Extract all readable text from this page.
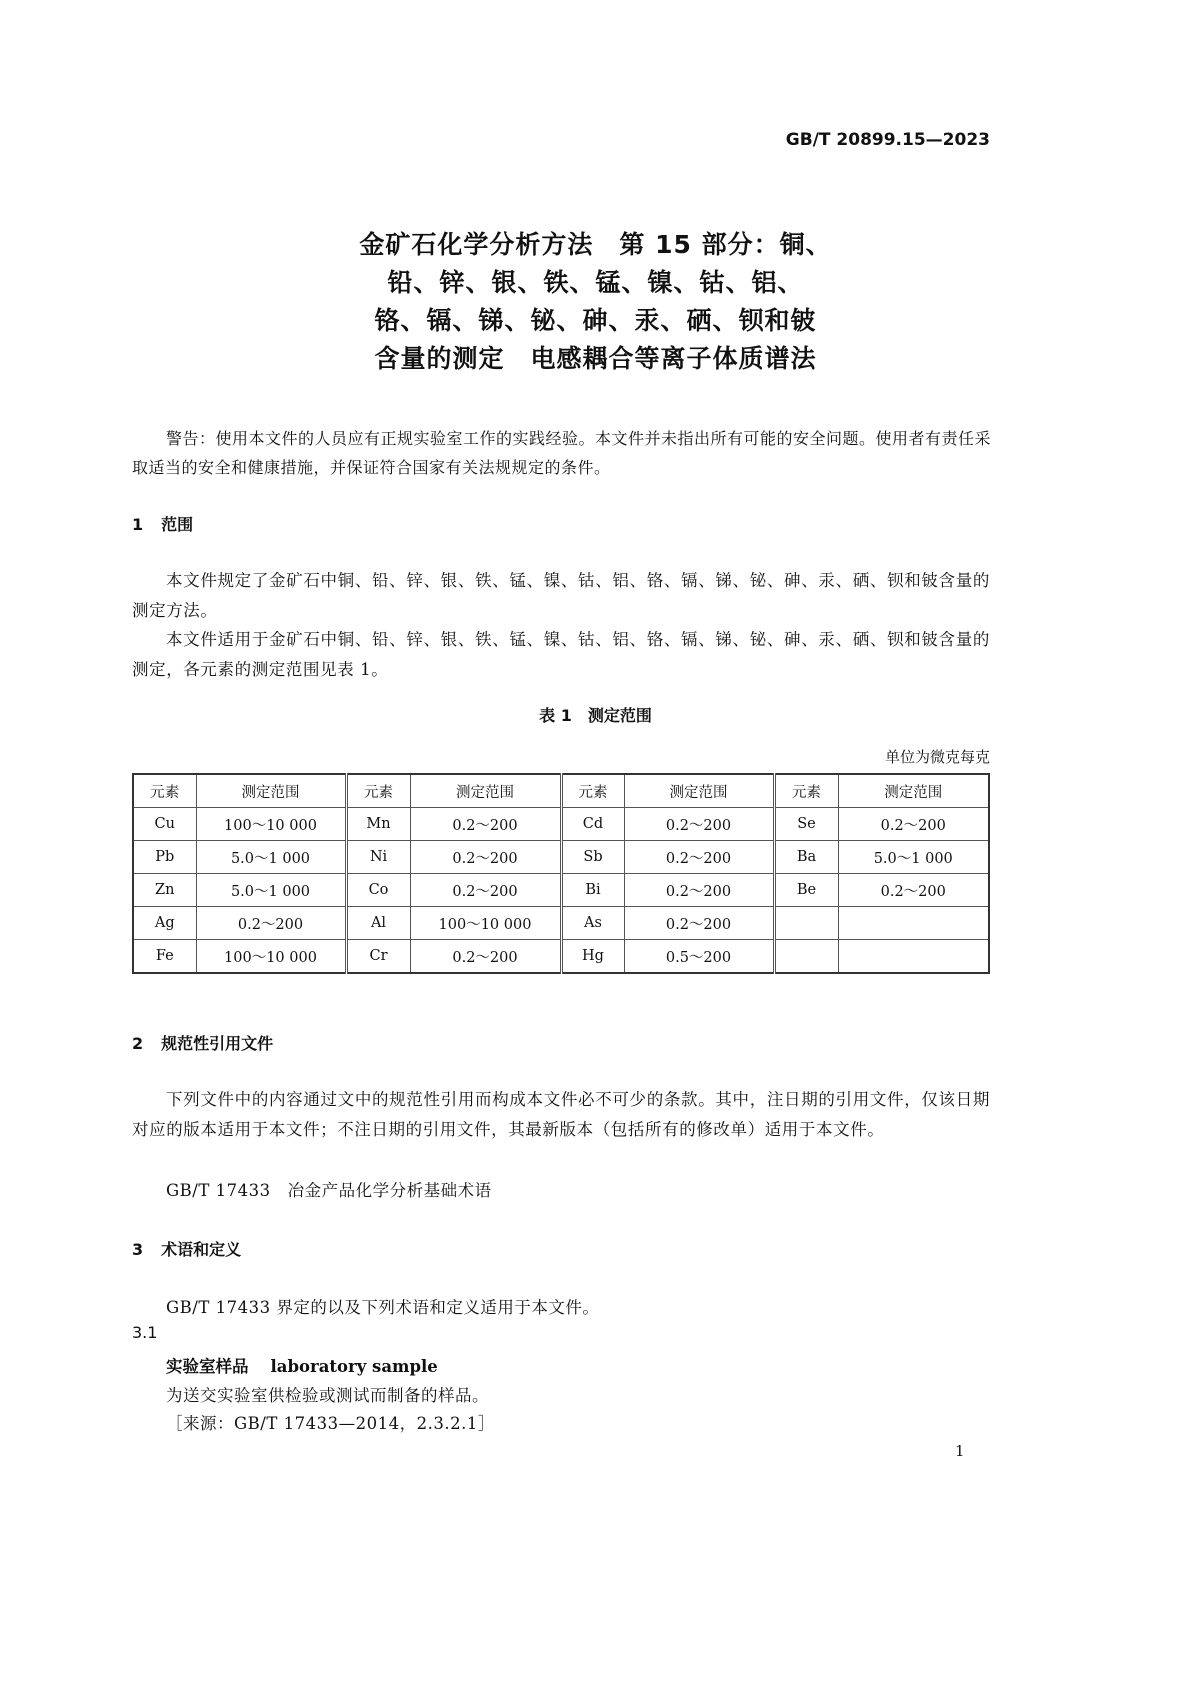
GB/T 20899.15—2023
金矿石化学分析方法　第 15 部分：铜、
铅、锌、银、铁、锰、镍、钴、铝、
铬、镉、锑、铋、砷、汞、硒、钡和铍
含量的测定　电感耦合等离子体质谱法
警告：使用本文件的人员应有正规实验室工作的实践经验。本文件并未指出所有可能的安全问题。使用者有责任采取适当的安全和健康措施，并保证符合国家有关法规规定的条件。
1 范围
本文件规定了金矿石中铜、铅、锌、银、铁、锰、镍、钴、铝、铬、镉、锑、铋、砷、汞、硒、钡和铍含量的测定方法。
本文件适用于金矿石中铜、铅、锌、银、铁、锰、镍、钴、铝、铬、镉、锑、铋、砷、汞、硒、钡和铍含量的测定，各元素的测定范围见表 1。
表 1　测定范围
单位为微克每克
元素	测定范围	元素	测定范围	元素	测定范围	元素	测定范围
Cu	100～10 000	Mn	0.2～200	Cd	0.2～200	Se	0.2～200
Pb	5.0～1 000	Ni	0.2～200	Sb	0.2～200	Ba	5.0～1 000
Zn	5.0～1 000	Co	0.2～200	Bi	0.2～200	Be	0.2～200
Ag	0.2～200	Al	100～10 000	As	0.2～200		
Fe	100～10 000	Cr	0.2～200	Hg	0.5～200		
2 规范性引用文件
下列文件中的内容通过文中的规范性引用而构成本文件必不可少的条款。其中，注日期的引用文件，仅该日期对应的版本适用于本文件；不注日期的引用文件，其最新版本（包括所有的修改单）适用于本文件。
GB/T 17433　冶金产品化学分析基础术语
3 术语和定义
GB/T 17433 界定的以及下列术语和定义适用于本文件。
3.1
实验室样品 laboratory sample
为送交实验室供检验或测试而制备的样品。
［来源：GB/T 17433—2014，2.3.2.1］
1
